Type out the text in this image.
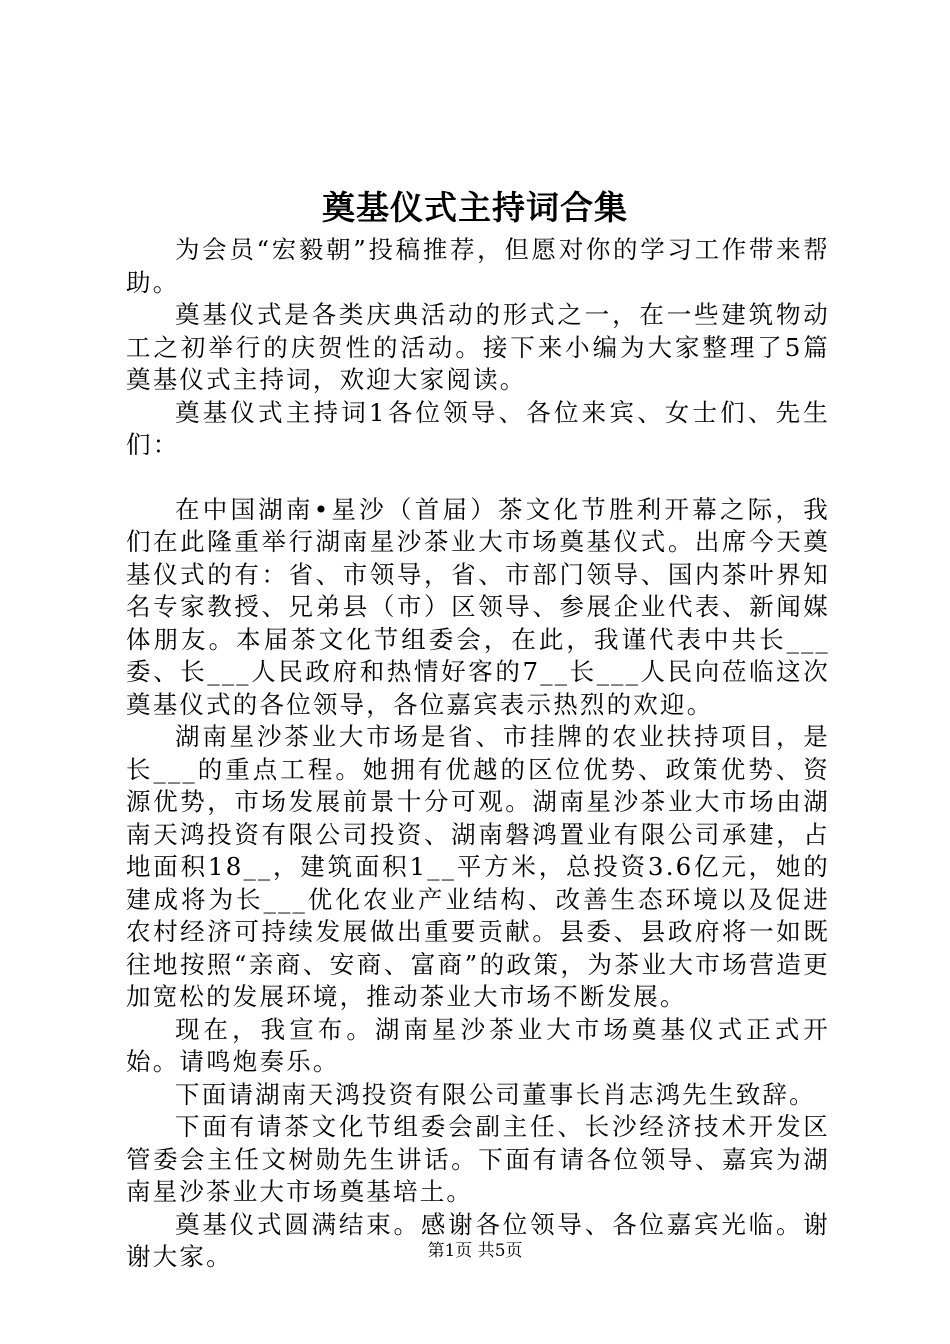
奠基仪式主持词合集

为会员“宏毅朝”投稿推荐，但愿对你的学习工作带来帮助。

奠基仪式是各类庆典活动的形式之一，在一些建筑物动工之初举行的庆贺性的活动。接下来小编为大家整理了5篇奠基仪式主持词，欢迎大家阅读。

奠基仪式主持词1各位领导、各位来宾、女士们、先生们：

在中国湖南•星沙（首届）茶文化节胜利开幕之际，我们在此隆重举行湖南星沙茶业大市场奠基仪式。出席今天奠基仪式的有：省、市领导，省、市部门领导、国内茶叶界知名专家教授、兄弟县（市）区领导、参展企业代表、新闻媒体朋友。本届茶文化节组委会，在此，我谨代表中共长___委、长___人民政府和热情好客的7__长___人民向莅临这次奠基仪式的各位领导，各位嘉宾表示热烈的欢迎。

湖南星沙茶业大市场是省、市挂牌的农业扶持项目，是长___的重点工程。她拥有优越的区位优势、政策优势、资源优势，市场发展前景十分可观。湖南星沙茶业大市场由湖南天鸿投资有限公司投资、湖南磐鸿置业有限公司承建，占地面积18__，建筑面积1__平方米，总投资3.6亿元，她的建成将为长___优化农业产业结构、改善生态环境以及促进农村经济可持续发展做出重要贡献。县委、县政府将一如既往地按照“亲商、安商、富商”的政策，为茶业大市场营造更加宽松的发展环境，推动茶业大市场不断发展。

现在，我宣布。湖南星沙茶业大市场奠基仪式正式开始。请鸣炮奏乐。

下面请湖南天鸿投资有限公司董事长肖志鸿先生致辞。

下面有请茶文化节组委会副主任、长沙经济技术开发区管委会主任文树勋先生讲话。下面有请各位领导、嘉宾为湖南星沙茶业大市场奠基培土。

奠基仪式圆满结束。感谢各位领导、各位嘉宾光临。谢谢大家。	第1页 共5页
